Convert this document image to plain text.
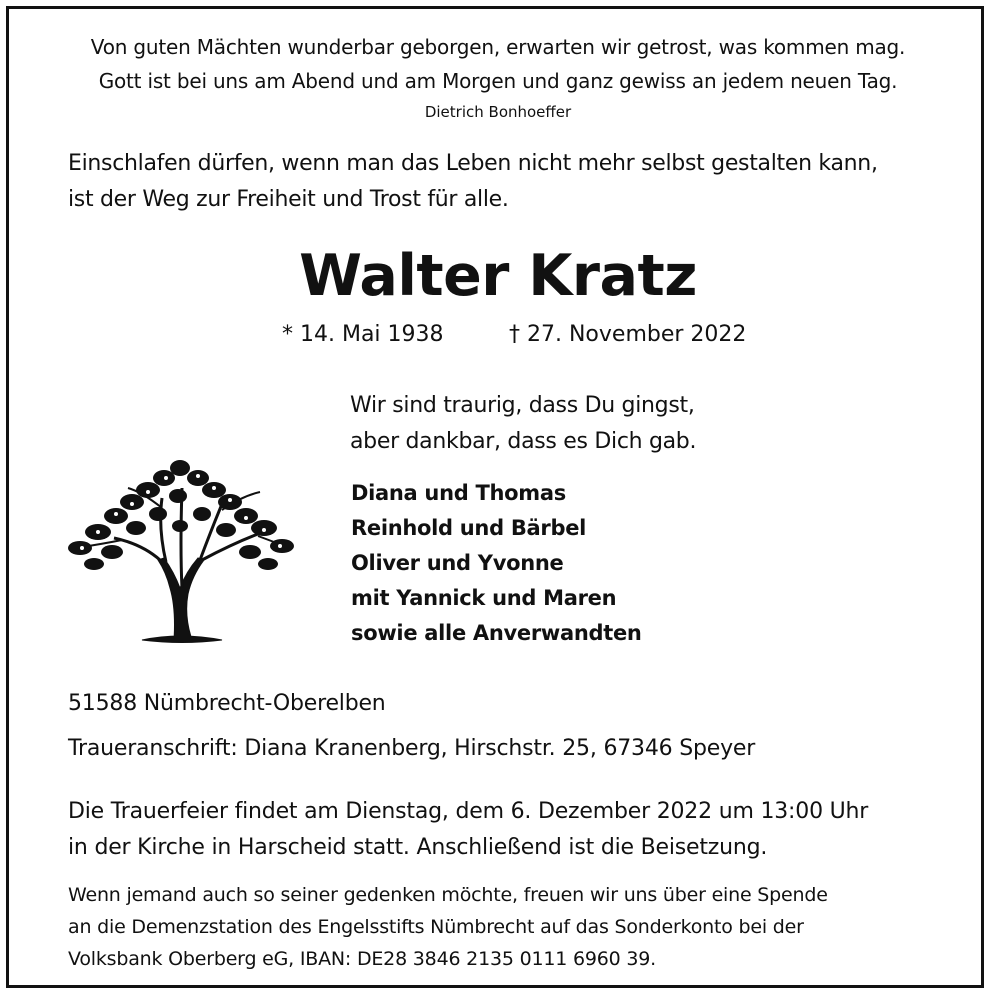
Von guten Mächten wunderbar geborgen, erwarten wir getrost, was kommen mag.
Gott ist bei uns am Abend und am Morgen und ganz gewiss an jedem neuen Tag.
Dietrich Bonhoeffer
Einschlafen dürfen, wenn man das Leben nicht mehr selbst gestalten kann,
ist der Weg zur Freiheit und Trost für alle.
Walter Kratz
* 14. Mai 1938	† 27. November 2022
Wir sind traurig, dass Du gingst,
aber dankbar, dass es Dich gab.
Diana und Thomas
Reinhold und Bärbel
Oliver und Yvonne
mit Yannick und Maren
sowie alle Anverwandten
51588 Nümbrecht-Oberelben
Traueranschrift: Diana Kranenberg, Hirschstr. 25, 67346 Speyer
Die Trauerfeier findet am Dienstag, dem 6. Dezember 2022 um 13:00 Uhr
in der Kirche in Harscheid statt. Anschließend ist die Beisetzung.
Wenn jemand auch so seiner gedenken möchte, freuen wir uns über eine Spende
an die Demenzstation des Engelsstifts Nümbrecht auf das Sonderkonto bei der
Volksbank Oberberg eG, IBAN: DE28 3846 2135 0111 6960 39.
